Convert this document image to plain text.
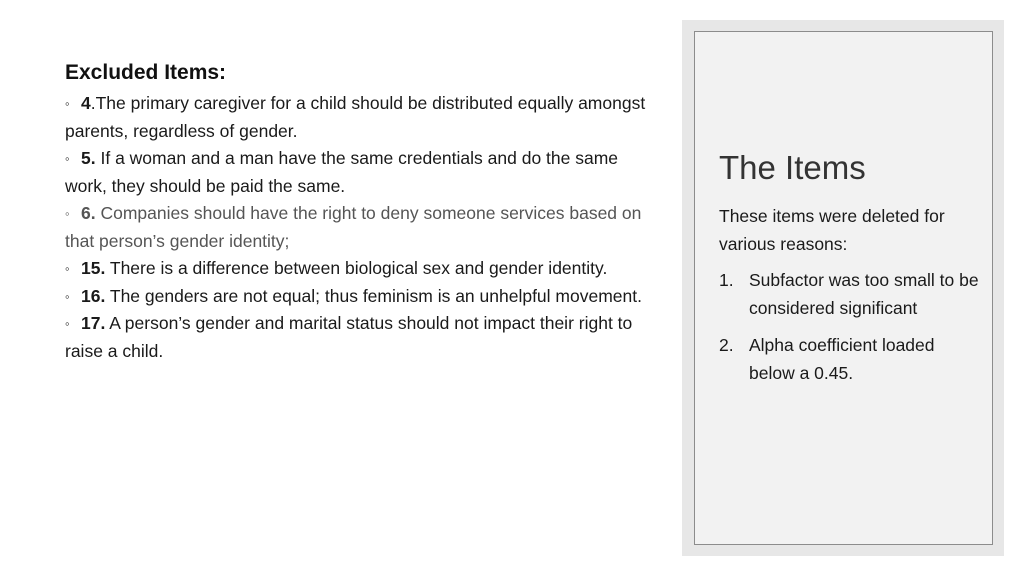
Excluded Items:

◦ 4.The primary caregiver for a child should be distributed equally amongst parents, regardless of gender.

◦ 5. If a woman and a man have the same credentials and do the same work, they should be paid the same.

◦ 6. Companies should have the right to deny someone services based on that person’s gender identity;

◦ 15. There is a difference between biological sex and gender identity.

◦ 16. The genders are not equal; thus feminism is an unhelpful movement.

◦ 17. A person’s gender and marital status should not impact their right to raise a child.

The Items

These items were deleted for various reasons:

1. Subfactor was too small to be considered significant
2. Alpha coefficient loaded below a 0.45.
